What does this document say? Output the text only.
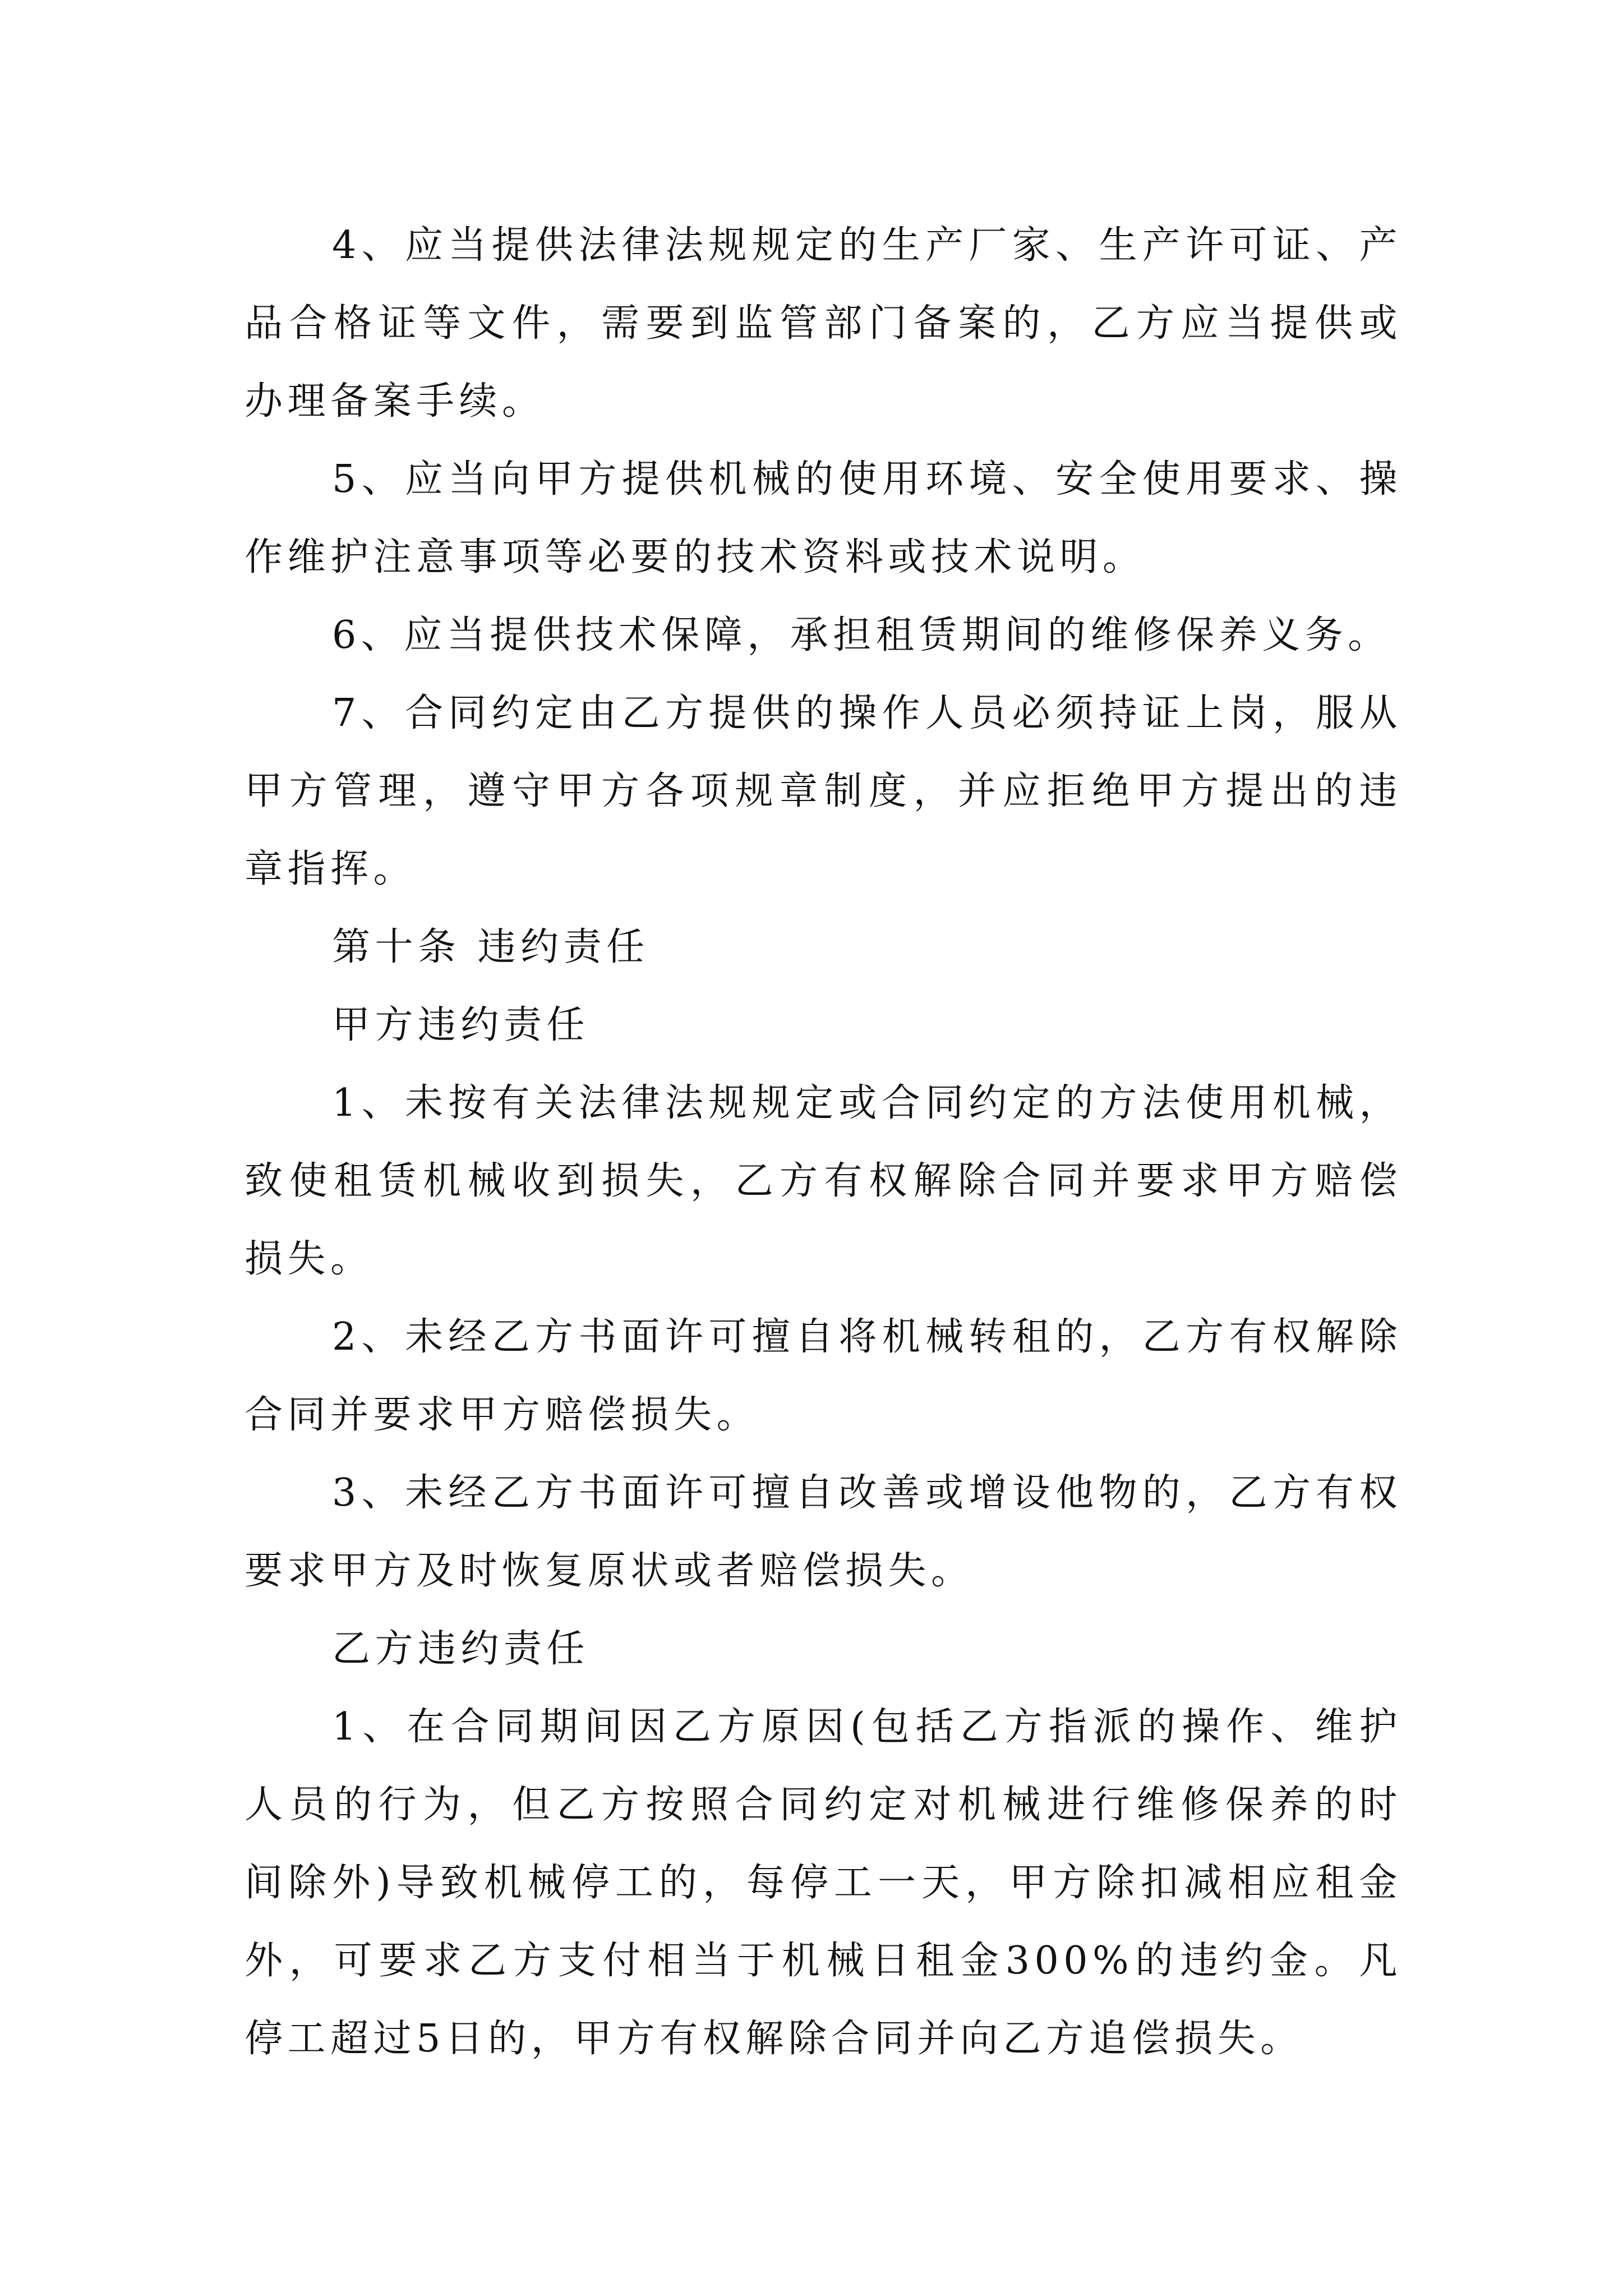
4、应当提供法律法规规定的生产厂家、生产许可证、产品合格证等文件，需要到监管部门备案的，乙方应当提供或办理备案手续。

5、应当向甲方提供机械的使用环境、安全使用要求、操作维护注意事项等必要的技术资料或技术说明。

6、应当提供技术保障，承担租赁期间的维修保养义务。

7、合同约定由乙方提供的操作人员必须持证上岗，服从甲方管理，遵守甲方各项规章制度，并应拒绝甲方提出的违章指挥。

第十条 违约责任

甲方违约责任

1、未按有关法律法规规定或合同约定的方法使用机械，致使租赁机械收到损失，乙方有权解除合同并要求甲方赔偿损失。

2、未经乙方书面许可擅自将机械转租的，乙方有权解除合同并要求甲方赔偿损失。

3、未经乙方书面许可擅自改善或增设他物的，乙方有权要求甲方及时恢复原状或者赔偿损失。

乙方违约责任

1、在合同期间因乙方原因(包括乙方指派的操作、维护人员的行为，但乙方按照合同约定对机械进行维修保养的时间除外)导致机械停工的，每停工一天，甲方除扣减相应租金外，可要求乙方支付相当于机械日租金300%的违约金。凡停工超过5日的，甲方有权解除合同并向乙方追偿损失。
